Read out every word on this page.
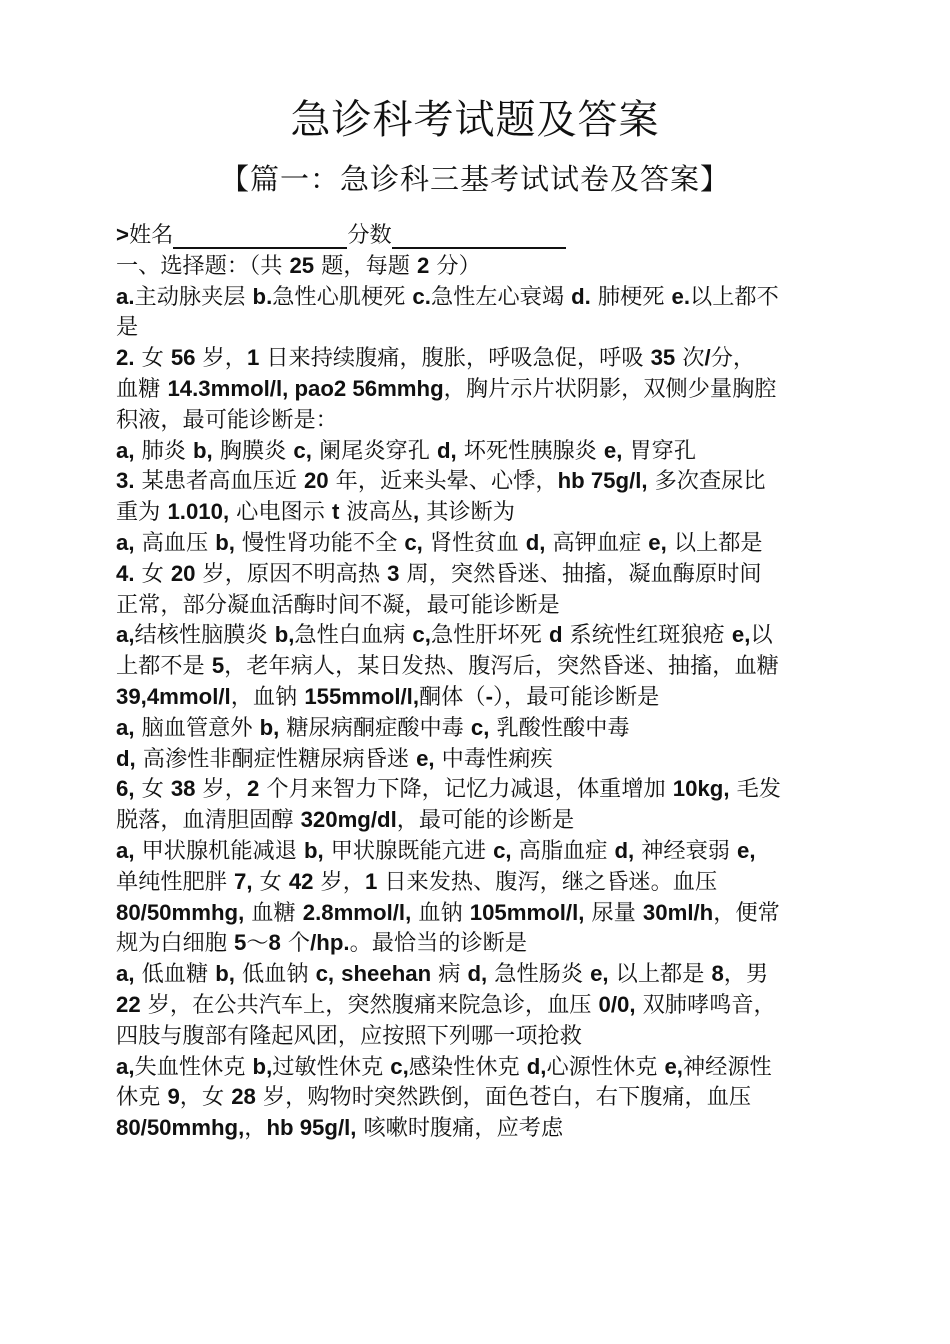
急诊科考试题及答案
【篇一：急诊科三基考试试卷及答案】
>姓名	分数
一、选择题：（共 25 题，每题 2 分）
a.主动脉夹层 b.急性心肌梗死 c.急性左心衰竭 d. 肺梗死 e.以上都不
是
2. 女 56 岁，1 日来持续腹痛，腹胀，呼吸急促，呼吸 35 次/分，
血糖 14.3mmol/l, pao2 56mmhg，胸片示片状阴影，双侧少量胸腔
积液，最可能诊断是：
a, 肺炎 b, 胸膜炎 c, 阑尾炎穿孔 d, 坏死性胰腺炎 e, 胃穿孔
3. 某患者高血压近 20 年，近来头晕、心悸，hb 75g/l, 多次查尿比
重为 1.010, 心电图示 t 波高丛, 其诊断为
a, 高血压 b, 慢性肾功能不全 c, 肾性贫血 d, 高钾血症 e, 以上都是
4. 女 20 岁，原因不明高热 3 周，突然昏迷、抽搐，凝血酶原时间
正常，部分凝血活酶时间不凝，最可能诊断是
a,结核性脑膜炎 b,急性白血病 c,急性肝坏死 d 系统性红斑狼疮 e,以
上都不是 5，老年病人，某日发热、腹泻后，突然昏迷、抽搐，血糖
39,4mmol/l，血钠 155mmol/l,酮体（-），最可能诊断是
a, 脑血管意外 b, 糖尿病酮症酸中毒 c, 乳酸性酸中毒
d, 高渗性非酮症性糖尿病昏迷 e, 中毒性痢疾
6, 女 38 岁，2 个月来智力下降，记忆力减退，体重增加 10kg, 毛发
脱落，血清胆固醇 320mg/dl，最可能的诊断是
a, 甲状腺机能减退 b, 甲状腺既能亢进 c, 高脂血症 d, 神经衰弱 e,
单纯性肥胖 7, 女 42 岁，1 日来发热、腹泻，继之昏迷。血压
80/50mmhg, 血糖 2.8mmol/l, 血钠 105mmol/l, 尿量 30ml/h，便常
规为白细胞 5～8 个/hp.。最恰当的诊断是
a, 低血糖 b, 低血钠 c, sheehan 病 d, 急性肠炎 e, 以上都是 8，男
22 岁，在公共汽车上，突然腹痛来院急诊，血压 0/0, 双肺哮鸣音，
四肢与腹部有隆起风团，应按照下列哪一项抢救
a,失血性休克 b,过敏性休克 c,感染性休克 d,心源性休克 e,神经源性
休克 9，女 28 岁，购物时突然跌倒，面色苍白，右下腹痛，血压
80/50mmhg,，hb 95g/l, 咳嗽时腹痛，应考虑
